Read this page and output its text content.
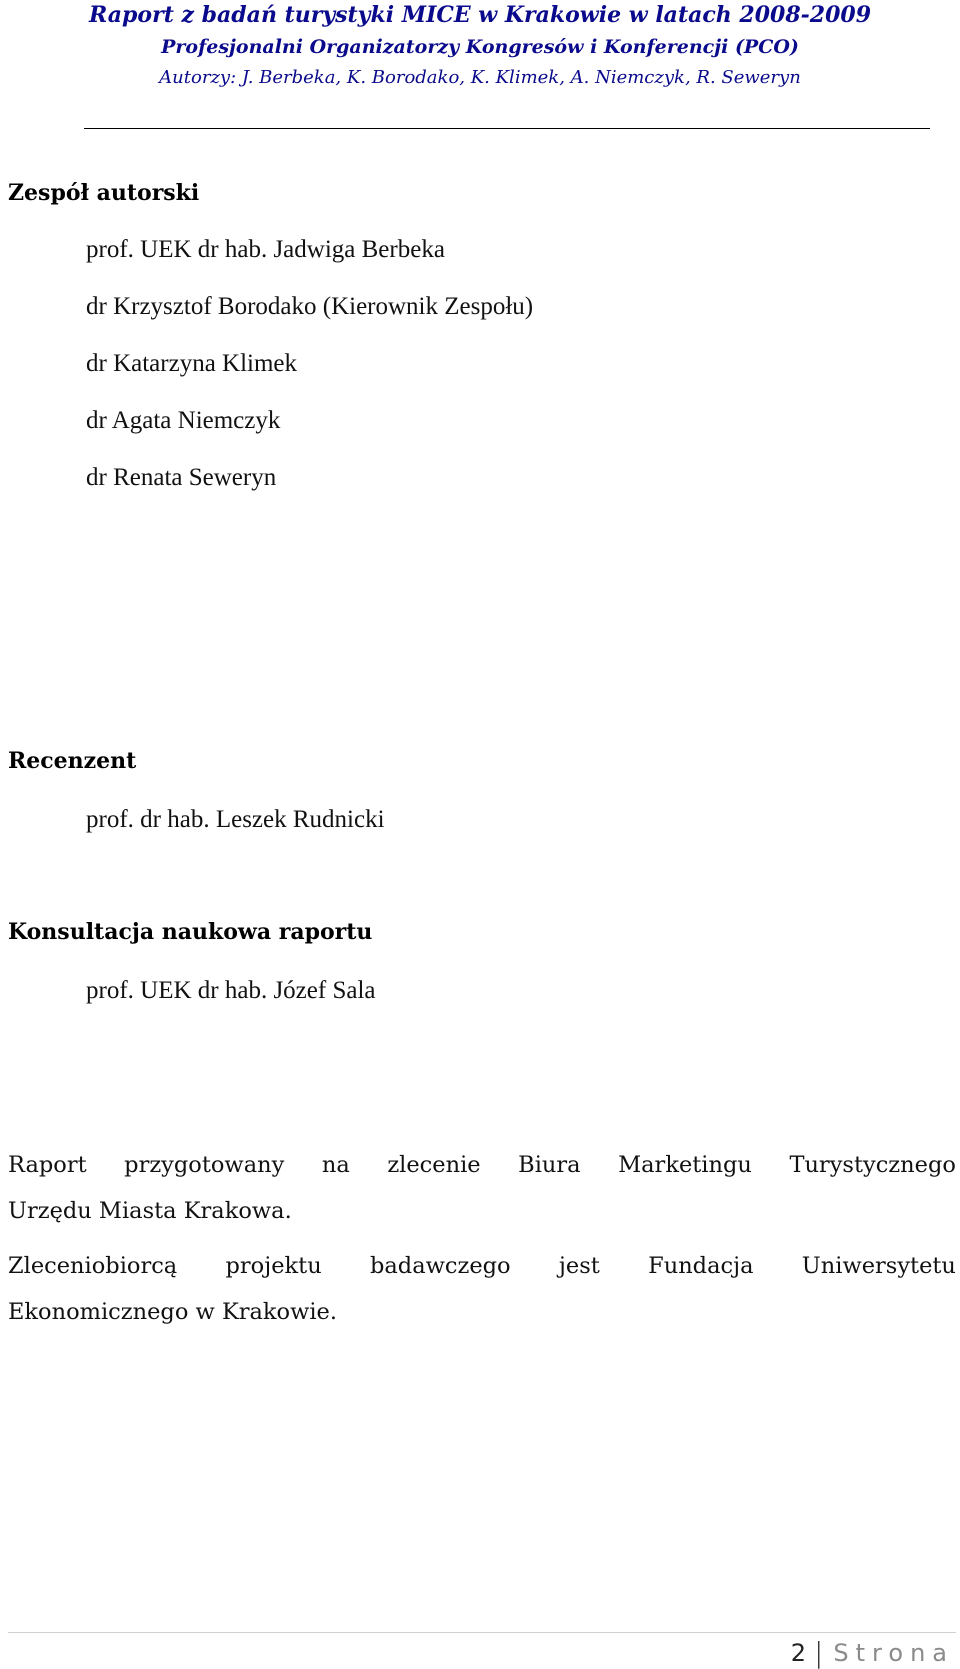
Raport z badań turystyki MICE w Krakowie w latach 2008-2009
Profesjonalni Organizatorzy Kongresów i Konferencji (PCO)
Autorzy: J. Berbeka, K. Borodako, K. Klimek, A. Niemczyk, R. Seweryn
Zespół autorski
prof. UEK dr hab. Jadwiga Berbeka
dr Krzysztof Borodako (Kierownik Zespołu)
dr Katarzyna Klimek
dr Agata Niemczyk
dr Renata Seweryn
Recenzent
prof. dr hab. Leszek Rudnicki
Konsultacja naukowa raportu
prof. UEK dr hab. Józef Sala
Raport przygotowany na zlecenie Biura Marketingu Turystycznego
Urzędu Miasta Krakowa.
Zleceniobiorcą projektu badawczego jest Fundacja Uniwersytetu
Ekonomicznego w Krakowie.
2 | Strona
